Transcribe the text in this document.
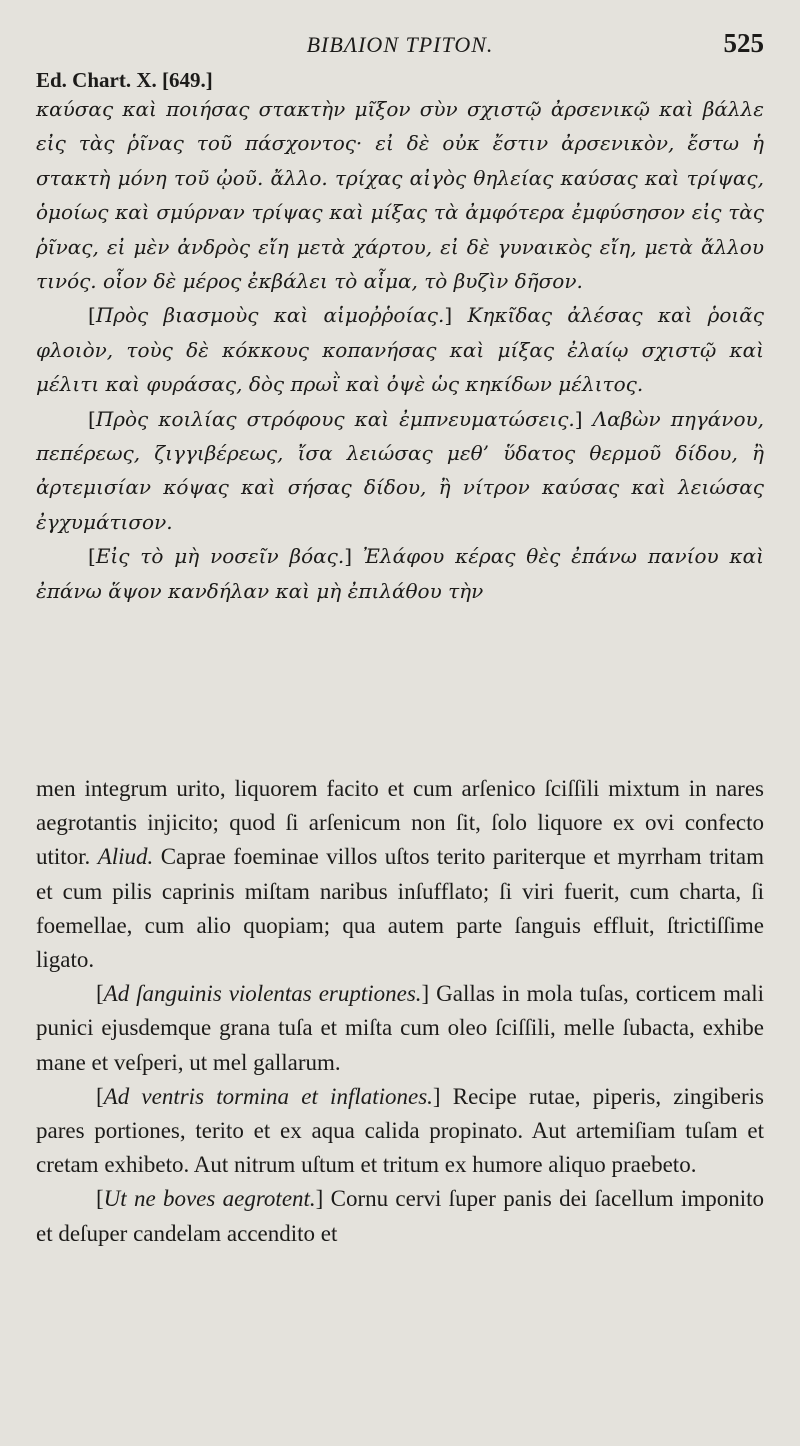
BIBΛION TPITON.	525
Ed. Chart. X. [649.]

καύσας καὶ ποιήσας στακτὴν μῖξον σὺν σχιστῷ ἀρσενικῷ καὶ βάλλε εἰς τὰς ῥῖνας τοῦ πάσχοντος· εἰ δὲ οὐκ ἔστιν ἀρσενικὸν, ἔστω ἡ στακτὴ μόνη τοῦ ᾠοῦ. ἄλλο. τρίχας αἰγὸς θηλείας καύσας καὶ τρίψας, ὁμοίως καὶ σμύρναν τρίψας καὶ μίξας τὰ ἀμφότερα ἐμφύσησον εἰς τὰς ῥῖνας, εἰ μὲν ἀνδρὸς εἴη μετὰ χάρτου, εἰ δὲ γυναικὸς εἴη, μετὰ ἄλλου τινός. οἷον δὲ μέρος ἐκβάλει τὸ αἷμα, τὸ βυζὶν δῆσον.

[Πρὸς βιασμοὺς καὶ αἱμοῤῥοίας.] Κηκῖδας ἀλέσας καὶ ῥοιᾶς φλοιὸν, τοὺς δὲ κόκκους κοπανήσας καὶ μίξας ἐλαίῳ σχιστῷ καὶ μέλιτι καὶ φυράσας, δὸς πρωῒ καὶ ὀψὲ ὡς κηκίδων μέλιτος.

[Πρὸς κοιλίας στρόφους καὶ ἐμπνευματώσεις.] Λαβὼν πηγάνου, πεπέρεως, ζιγγιβέρεως, ἴσα λειώσας μεθ’ ὕδατος θερμοῦ δίδου, ἢ ἀρτεμισίαν κόψας καὶ σήσας δίδου, ἢ νίτρον καύσας καὶ λειώσας ἐγχυμάτισον.

[Εἰς τὸ μὴ νοσεῖν βόας.] Ἐλάφου κέρας θὲς ἐπάνω πανίου καὶ ἐπάνω ἅψον κανδήλαν καὶ μὴ ἐπιλάθου τὴν

men integrum urito, liquorem facito et cum arſenico ſciſſili mixtum in nares aegrotantis injicito; quod ſi arſenicum non ſit, ſolo liquore ex ovi confecto utitor. Aliud. Caprae foeminae villos uſtos terito pariterque et myrrham tritam et cum pilis caprinis miſtam naribus inſufflato; ſi viri fuerit, cum charta, ſi foemellae, cum alio quopiam; qua autem parte ſanguis effluit, ſtrictiſſime ligato.

[Ad ſanguinis violentas eruptiones.] Gallas in mola tuſas, corticem mali punici ejusdemque grana tuſa et miſta cum oleo ſciſſili, melle ſubacta, exhibe mane et veſperi, ut mel gallarum.

[Ad ventris tormina et inflationes.] Recipe rutae, piperis, zingiberis pares portiones, terito et ex aqua calida propinato. Aut artemiſiam tuſam et cretam exhibeto. Aut nitrum uſtum et tritum ex humore aliquo praebeto.

[Ut ne boves aegrotent.] Cornu cervi ſuper panis dei ſacellum imponito et deſuper candelam accendito et
